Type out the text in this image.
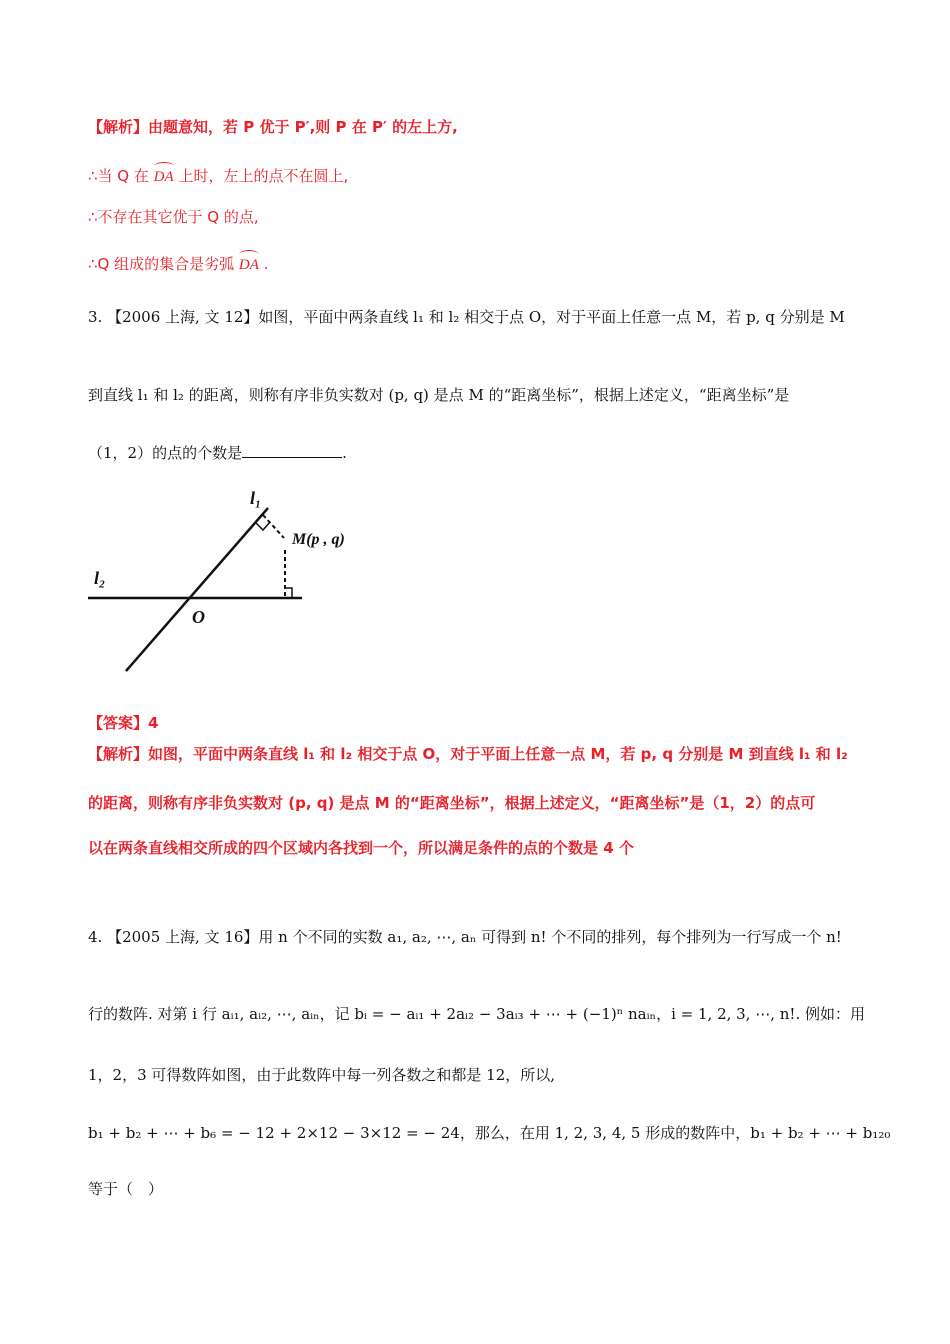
【解析】由题意知，若 P 优于 P′,则 P 在 P′ 的左上方,
∴当 Q 在 DA 上时，左上的点不在圆上,
∴不存在其它优于 Q 的点,
∴Q 组成的集合是劣弧 DA .
3. 【2006 上海, 文 12】如图，平面中两条直线 l₁ 和 l₂ 相交于点 O，对于平面上任意一点 M，若 p, q 分别是 M
到直线 l₁ 和 l₂ 的距离，则称有序非负实数对 (p, q) 是点 M 的“距离坐标”，根据上述定义，“距离坐标”是
（1，2）的点的个数是	.
l₁
l₂
O
M(p , q)
【答案】4
【解析】如图，平面中两条直线 l₁ 和 l₂ 相交于点 O，对于平面上任意一点 M，若 p, q 分别是 M 到直线 l₁ 和 l₂
的距离，则称有序非负实数对 (p, q) 是点 M 的“距离坐标”，根据上述定义，“距离坐标”是（1，2）的点可
以在两条直线相交所成的四个区域内各找到一个，所以满足条件的点的个数是 4 个
4. 【2005 上海, 文 16】用 n 个不同的实数 a₁, a₂, ⋯, aₙ 可得到 n! 个不同的排列，每个排列为一行写成一个 n!
行的数阵. 对第 i 行 aᵢ₁, aᵢ₂, ⋯, aᵢₙ，记 bᵢ = − aᵢ₁ + 2aᵢ₂ − 3aᵢ₃ + ⋯ + (−1)ⁿ naᵢₙ，i = 1, 2, 3, ⋯, n!. 例如：用
1，2，3 可得数阵如图，由于此数阵中每一列各数之和都是 12，所以,
b₁ + b₂ + ⋯ + b₆ = − 12 + 2×12 − 3×12 = − 24，那么，在用 1, 2, 3, 4, 5 形成的数阵中，b₁ + b₂ + ⋯ + b₁₂₀
等于（　）
